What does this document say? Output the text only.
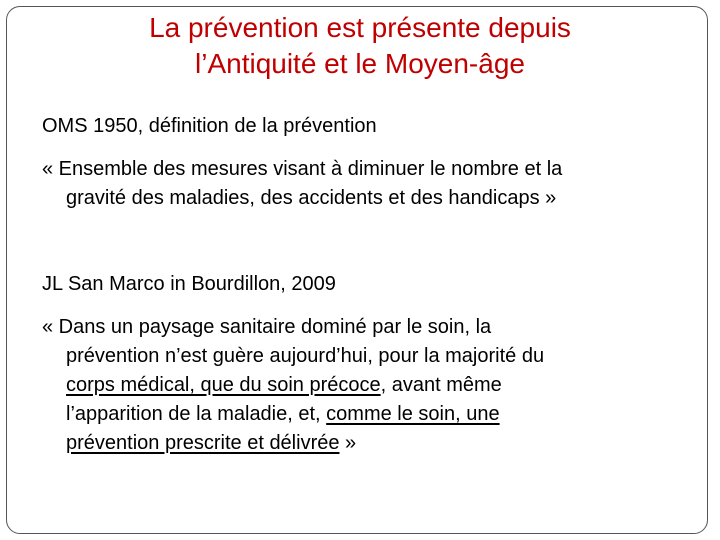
La prévention est présente depuis
l’Antiquité et le Moyen-âge
OMS 1950, définition de la prévention
« Ensemble des mesures visant à diminuer le nombre et la
gravité des maladies, des accidents et des handicaps »
JL San Marco in Bourdillon, 2009
« Dans un paysage sanitaire dominé par le soin, la
prévention n’est guère aujourd’hui, pour la majorité du
corps médical, que du soin précoce, avant même
l’apparition de la maladie, et, comme le soin, une
prévention prescrite et délivrée »
